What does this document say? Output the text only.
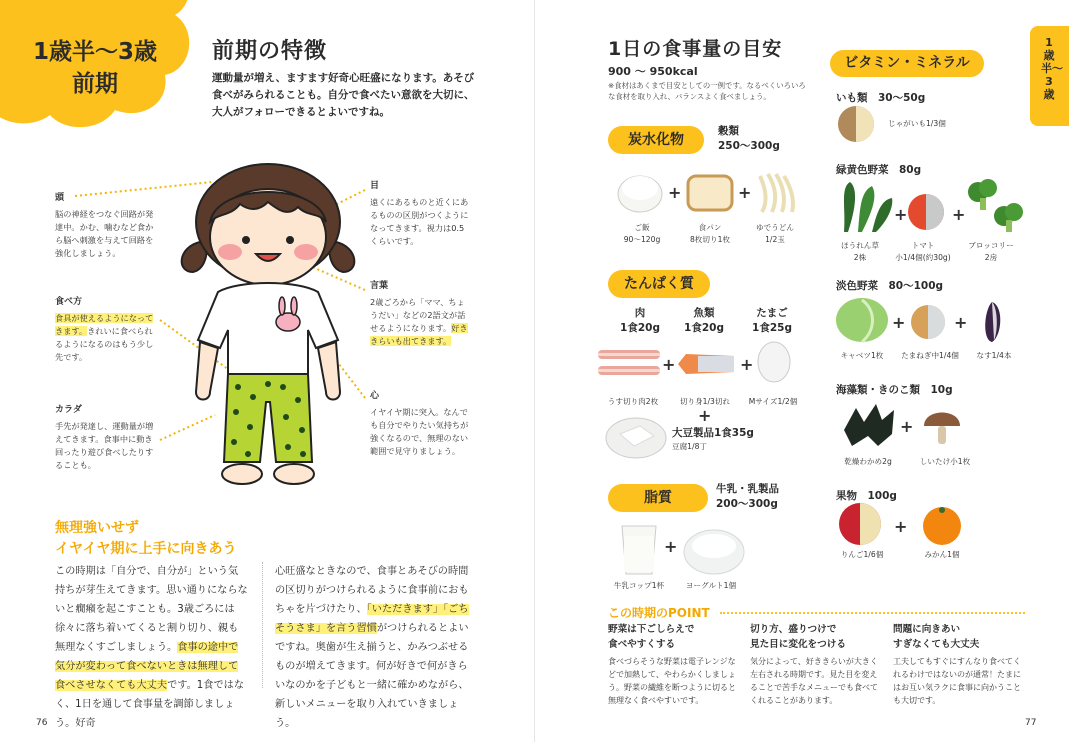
1歳半〜3歳
前期
前期の特徴
運動量が増え、ますます好奇心旺盛になります。あそび食べがみられることも。自分で食べたい意欲を大切に、大人がフォローできるとよいですね。
頭
脳の神経をつなぐ回路が発達中。かむ、噛むなど食から脳へ刺激を与えて回路を強化しましょう。
食べ方
食具が使えるようになってきます。きれいに食べられるようになるのはもう少し先です。
カラダ
手先が発達し、運動量が増えてきます。食事中に動き回ったり遊び食べしたりすることも。
目
遠くにあるものと近くにあるものの区別がつくようになってきます。視力は0.5くらいです。
言葉
2歳ごろから「ママ、ちょうだい」などの2語文が話せるようになります。好ききらいも出てきます。
心
イヤイヤ期に突入。なんでも自分でやりたい気持ちが強くなるので、無理のない範囲で見守りましょう。
無理強いせず
イヤイヤ期に上手に向きあう
この時期は「自分で、自分が」という気持ちが芽生えてきます。思い通りにならないと癇癪を起こすことも。3歳ごろには徐々に落ち着いてくると割り切り、親も無理なくすごしましょう。食事の途中で気分が変わって食べないときは無理して食べさせなくても大丈夫です。1食ではなく、1日を通して食事量を調節しましょう。好奇
心旺盛なときなので、食事とあそびの時間の区切りがつけられるように食事前におもちゃを片づけたり、「いただきます」「ごちそうさま」を言う習慣がつけられるとよいですね。奥歯が生え揃うと、かみつぶせるものが増えてきます。何が好きで何がきらいなのかを子どもと一緒に確かめながら、新しいメニューを取り入れていきましょう。
76
1日の食事量の目安
900 〜 950kcal
※食材はあくまで目安としての一例です。なるべくいろいろな食材を取り入れ、バランスよく食べましょう。
1歳半〜3歳
炭水化物
穀類
250〜300g
+	+
ご飯
90〜120g
食パン
8枚切り1枚
ゆでうどん
1/2玉
たんぱく質
肉
1食20g
魚類
1食20g
たまご
1食25g
+	+
うす切り肉2枚	切り身1/3切れ	Mサイズ1/2個
+
大豆製品1食35g
豆腐1/8丁
脂質
牛乳・乳製品
200〜300g
+
牛乳コップ1杯	ヨーグルト1個
ビタミン・ミネラル
いも類　30〜50g
じゃがいも1/3個
緑黄色野菜　80g
+	+
ほうれん草
2株
トマト
小1/4個(約30g)
ブロッコリー
2房
淡色野菜　80〜100g
+	+
キャベツ1枚	たまねぎ中1/4個	なす1/4本
海藻類・きのこ類　10g
+
乾燥わかめ2g	しいたけ小1枚
果物　100g
+
りんご1/6個	みかん1個
この時期のPOINT
野菜は下ごしらえで
食べやすくする
食べづらそうな野菜は電子レンジなどで加熱して、やわらかくしましょう。野菜の繊維を断つように切ると無理なく食べやすいです。
切り方、盛りつけで
見た目に変化をつける
気分によって、好ききらいが大きく左右される時期です。見た目を変えることで苦手なメニューでも食べてくれることがあります。
問題に向きあい
すぎなくても大丈夫
工夫してもすぐにすんなり食べてくれるわけではないのが通常！たまにはお互い気ラクに食事に向かうことも大切です。
77
